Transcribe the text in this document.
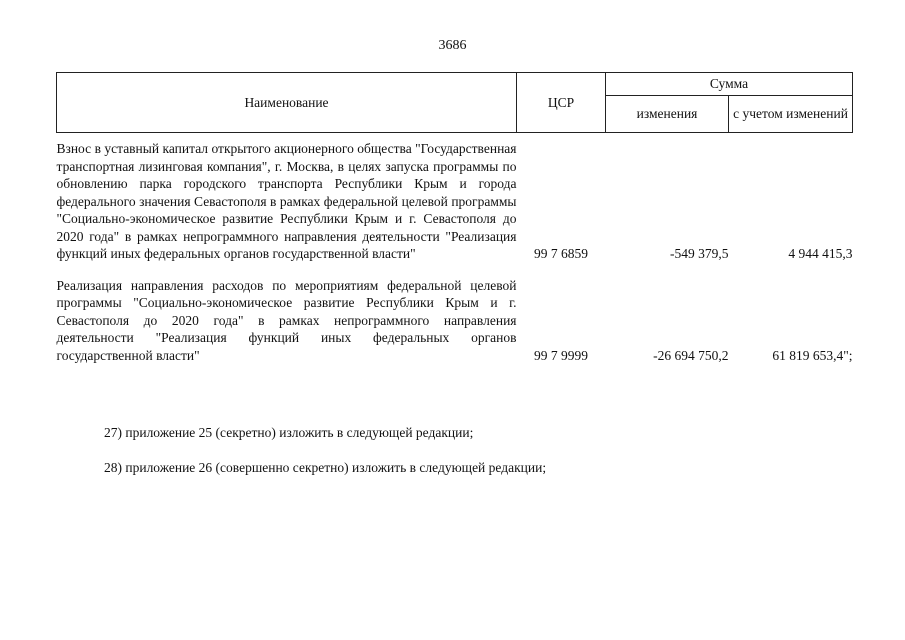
3686
Наименование	ЦСР	Сумма	
		изменения	с учетом изменений
Взнос в уставный капитал открытого акционерного общества "Государственная транспортная лизинговая компания", г. Москва, в целях запуска программы по обновлению парка городского транспорта Республики Крым и города федерального значения Севастополя в рамках федеральной целевой программы "Социально-экономическое развитие Республики Крым и г. Севастополя до 2020 года" в рамках непрограммного направления деятельности "Реализация функций иных федеральных органов государственной власти"	99 7 6859	-549 379,5	4 944 415,3
Реализация направления расходов по мероприятиям федеральной целевой программы "Социально-экономическое развитие Республики Крым и г. Севастополя до 2020 года" в рамках непрограммного направления деятельности "Реализация функций иных федеральных органов государственной власти"	99 7 9999	-26 694 750,2	61 819 653,4";
27) приложение 25 (секретно) изложить в следующей редакции;
28) приложение 26 (совершенно секретно) изложить в следующей редакции;
